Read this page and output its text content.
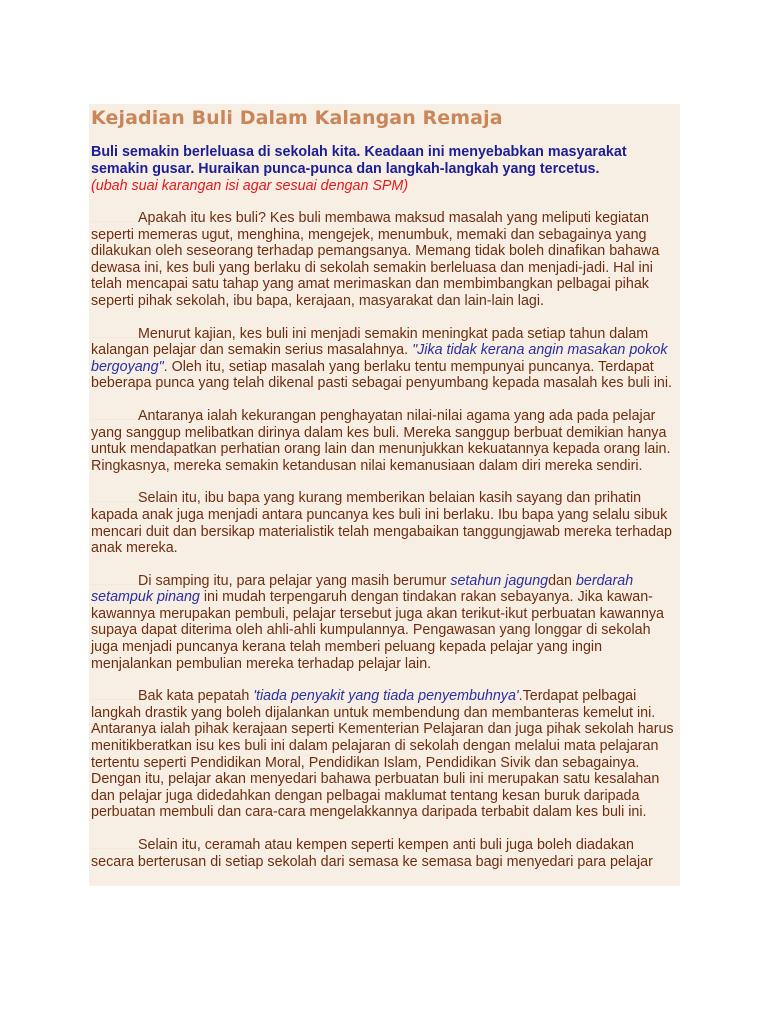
Kejadian Buli Dalam Kalangan Remaja
Buli semakin berleluasa di sekolah kita. Keadaan ini menyebabkan masyarakat semakin gusar. Huraikan punca-punca dan langkah-langkah yang tercetus.
(ubah suai karangan isi agar sesuai dengan SPM)

Apakah itu kes buli? Kes buli membawa maksud masalah yang meliputi kegiatan seperti memeras ugut, menghina, mengejek, menumbuk, memaki dan sebagainya yang dilakukan oleh seseorang terhadap pemangsanya. Memang tidak boleh dinafikan bahawa dewasa ini, kes buli yang berlaku di sekolah semakin berleluasa dan menjadi-jadi. Hal ini telah mencapai satu tahap yang amat merimaskan dan membimbangkan pelbagai pihak seperti pihak sekolah, ibu bapa, kerajaan, masyarakat dan lain-lain lagi.

Menurut kajian, kes buli ini menjadi semakin meningkat pada setiap tahun dalam kalangan pelajar dan semakin serius masalahnya. "Jika tidak kerana angin masakan pokok bergoyang". Oleh itu, setiap masalah yang berlaku tentu mempunyai puncanya. Terdapat beberapa punca yang telah dikenal pasti sebagai penyumbang kepada masalah kes buli ini.

Antaranya ialah kekurangan penghayatan nilai-nilai agama yang ada pada pelajar yang sanggup melibatkan dirinya dalam kes buli. Mereka sanggup berbuat demikian hanya untuk mendapatkan perhatian orang lain dan menunjukkan kekuatannya kepada orang lain. Ringkasnya, mereka semakin ketandusan nilai kemanusiaan dalam diri mereka sendiri.

Selain itu, ibu bapa yang kurang memberikan belaian kasih sayang dan prihatin kapada anak juga menjadi antara puncanya kes buli ini berlaku. Ibu bapa yang selalu sibuk mencari duit dan bersikap materialistik telah mengabaikan tanggungjawab mereka terhadap anak mereka.

Di samping itu, para pelajar yang masih berumur setahun jagungdan berdarah setampuk pinang ini mudah terpengaruh dengan tindakan rakan sebayanya. Jika kawan-kawannya merupakan pembuli, pelajar tersebut juga akan terikut-ikut perbuatan kawannya supaya dapat diterima oleh ahli-ahli kumpulannya. Pengawasan yang longgar di sekolah juga menjadi puncanya kerana telah memberi peluang kepada pelajar yang ingin menjalankan pembulian mereka terhadap pelajar lain.

Bak kata pepatah 'tiada penyakit yang tiada penyembuhnya'.Terdapat pelbagai langkah drastik yang boleh dijalankan untuk membendung dan membanteras kemelut ini. Antaranya ialah pihak kerajaan seperti Kementerian Pelajaran dan juga pihak sekolah harus menitikberatkan isu kes buli ini dalam pelajaran di sekolah dengan melalui mata pelajaran tertentu seperti Pendidikan Moral, Pendidikan Islam, Pendidikan Sivik dan sebagainya. Dengan itu, pelajar akan menyedari bahawa perbuatan buli ini merupakan satu kesalahan dan pelajar juga didedahkan dengan pelbagai maklumat tentang kesan buruk daripada perbuatan membuli dan cara-cara mengelakkannya daripada terbabit dalam kes buli ini.

Selain itu, ceramah atau kempen seperti kempen anti buli juga boleh diadakan secara berterusan di setiap sekolah dari semasa ke semasa bagi menyedari para pelajar
